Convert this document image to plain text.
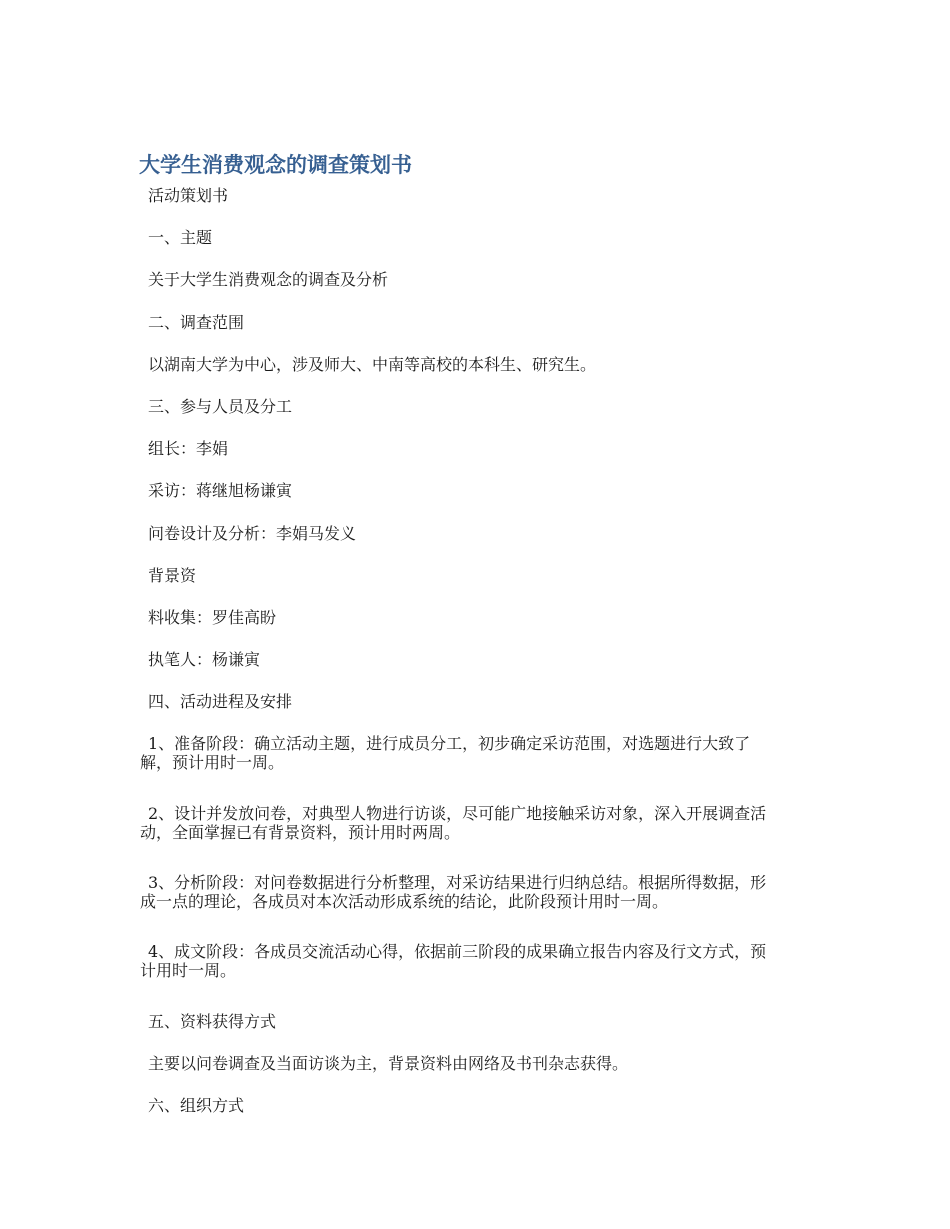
大学生消费观念的调查策划书

活动策划书

一、主题

关于大学生消费观念的调查及分析

二、调查范围

以湖南大学为中心，涉及师大、中南等高校的本科生、研究生。

三、参与人员及分工

组长：李娟

采访：蒋继旭杨谦寅

问卷设计及分析：李娟马发义

背景资

料收集：罗佳高盼

执笔人：杨谦寅

四、活动进程及安排

1、准备阶段：确立活动主题，进行成员分工，初步确定采访范围，对选题进行大致了
解，预计用时一周。

2、设计并发放问卷，对典型人物进行访谈，尽可能广地接触采访对象，深入开展调查活
动，全面掌握已有背景资料，预计用时两周。

3、分析阶段：对问卷数据进行分析整理，对采访结果进行归纳总结。根据所得数据，形
成一点的理论，各成员对本次活动形成系统的结论，此阶段预计用时一周。

4、成文阶段：各成员交流活动心得，依据前三阶段的成果确立报告内容及行文方式，预
计用时一周。

五、资料获得方式

主要以问卷调查及当面访谈为主，背景资料由网络及书刊杂志获得。

六、组织方式
